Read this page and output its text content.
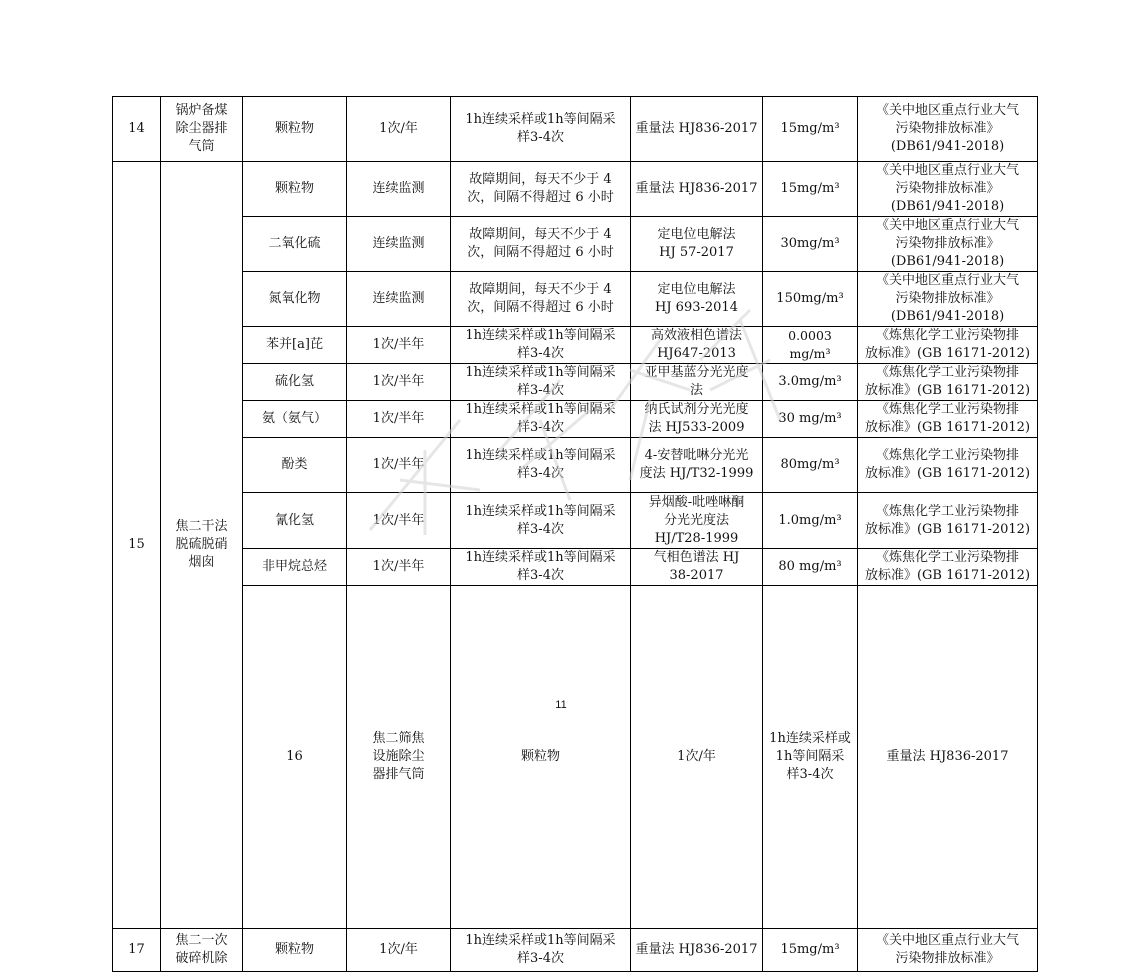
14	锅炉备煤
除尘器排
气筒	颗粒物	1次/年	1h连续采样或1h等间隔采
样3-4次	重量法 HJ836-2017	15mg/m³	《关中地区重点行业大气
污染物排放标准》
(DB61/941-2018)	
15	焦二干法
脱硫脱硝
烟囱	颗粒物	连续监测	故障期间，每天不少于 4
次，间隔不得超过 6 小时	重量法 HJ836-2017	15mg/m³	《关中地区重点行业大气
污染物排放标准》
(DB61/941-2018)	
		二氧化硫	连续监测	故障期间，每天不少于 4
次，间隔不得超过 6 小时	定电位电解法
HJ 57-2017	30mg/m³	《关中地区重点行业大气
污染物排放标准》
(DB61/941-2018)	
		氮氧化物	连续监测	故障期间，每天不少于 4
次，间隔不得超过 6 小时	定电位电解法
HJ 693-2014	150mg/m³	《关中地区重点行业大气
污染物排放标准》
(DB61/941-2018)	
		苯并[a]芘	1次/半年	1h连续采样或1h等间隔采
样3-4次	高效液相色谱法
HJ647-2013	0.0003 mg/m³	《炼焦化学工业污染物排
放标准》(GB 16171-2012)	
		硫化氢	1次/半年	1h连续采样或1h等间隔采
样3-4次	亚甲基蓝分光光度
法	3.0mg/m³	《炼焦化学工业污染物排
放标准》(GB 16171-2012)	
		氨（氨气）	1次/半年	1h连续采样或1h等间隔采
样3-4次	纳氏试剂分光光度
法 HJ533-2009	30 mg/m³	《炼焦化学工业污染物排
放标准》(GB 16171-2012)	
		酚类	1次/半年	1h连续采样或1h等间隔采
样3-4次	4-安替吡啉分光光
度法 HJ/T32-1999	80mg/m³	《炼焦化学工业污染物排
放标准》(GB 16171-2012)	
		氰化氢	1次/半年	1h连续采样或1h等间隔采
样3-4次	异烟酸-吡唑啉酮
分光光度法
HJ/T28-1999	1.0mg/m³	《炼焦化学工业污染物排
放标准》(GB 16171-2012)	
		非甲烷总烃	1次/半年	1h连续采样或1h等间隔采
样3-4次	气相色谱法 HJ
38-2017	80 mg/m³	《炼焦化学工业污染物排
放标准》(GB 16171-2012)	
		16	焦二筛焦
设施除尘
器排气筒	颗粒物	1次/年	1h连续采样或1h等间隔采
样3-4次	重量法 HJ836-2017		
17	焦二一次
破碎机除	颗粒物	1次/年	1h连续采样或1h等间隔采
样3-4次	重量法 HJ836-2017	15mg/m³	《关中地区重点行业大气
污染物排放标准》	
11
